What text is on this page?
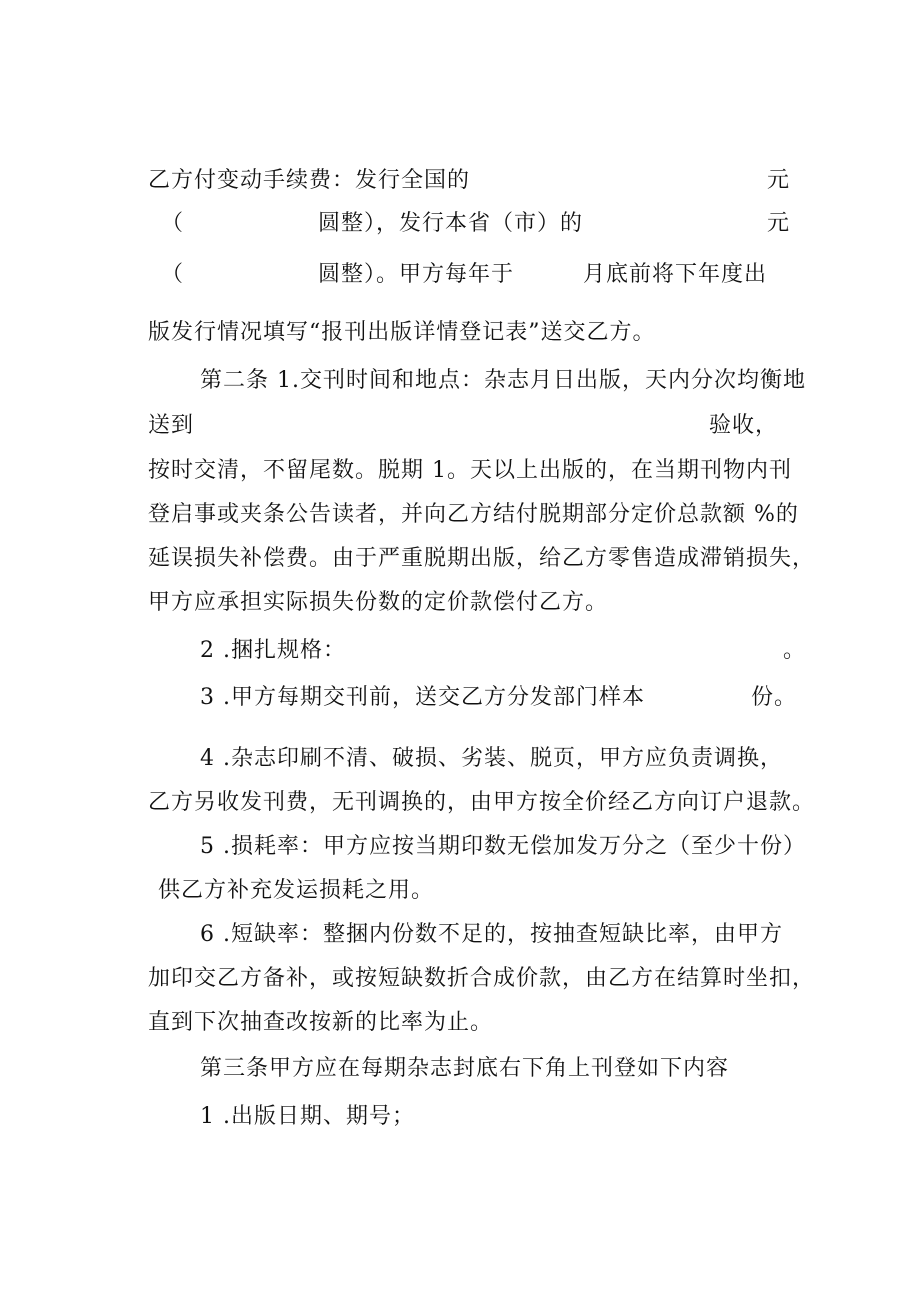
乙方付变动手续费：发行全国的	元
（	圆整），发行本省（市）的	元
（	圆整）。甲方每年于	月底前将下年度出
版发行情况填写“报刊出版详情登记表”送交乙方。
第二条 1.交刊时间和地点：杂志月日出版，天内分次均衡地
送到	验收，
按时交清，不留尾数。脱期 1。天以上出版的，在当期刊物内刊
登启事或夹条公告读者，并向乙方结付脱期部分定价总款额 %的
延误损失补偿费。由于严重脱期出版，给乙方零售造成滞销损失，
甲方应承担实际损失份数的定价款偿付乙方。
2 .捆扎规格：	。
3 .甲方每期交刊前，送交乙方分发部门样本	份。
4 .杂志印刷不清、破损、劣装、脱页，甲方应负责调换，
乙方另收发刊费，无刊调换的，由甲方按全价经乙方向订户退款。
5 .损耗率：甲方应按当期印数无偿加发万分之（至少十份）
供乙方补充发运损耗之用。
6 .短缺率：整捆内份数不足的，按抽查短缺比率，由甲方
加印交乙方备补，或按短缺数折合成价款，由乙方在结算时坐扣，
直到下次抽查改按新的比率为止。
第三条甲方应在每期杂志封底右下角上刊登如下内容
1 .出版日期、期号；
